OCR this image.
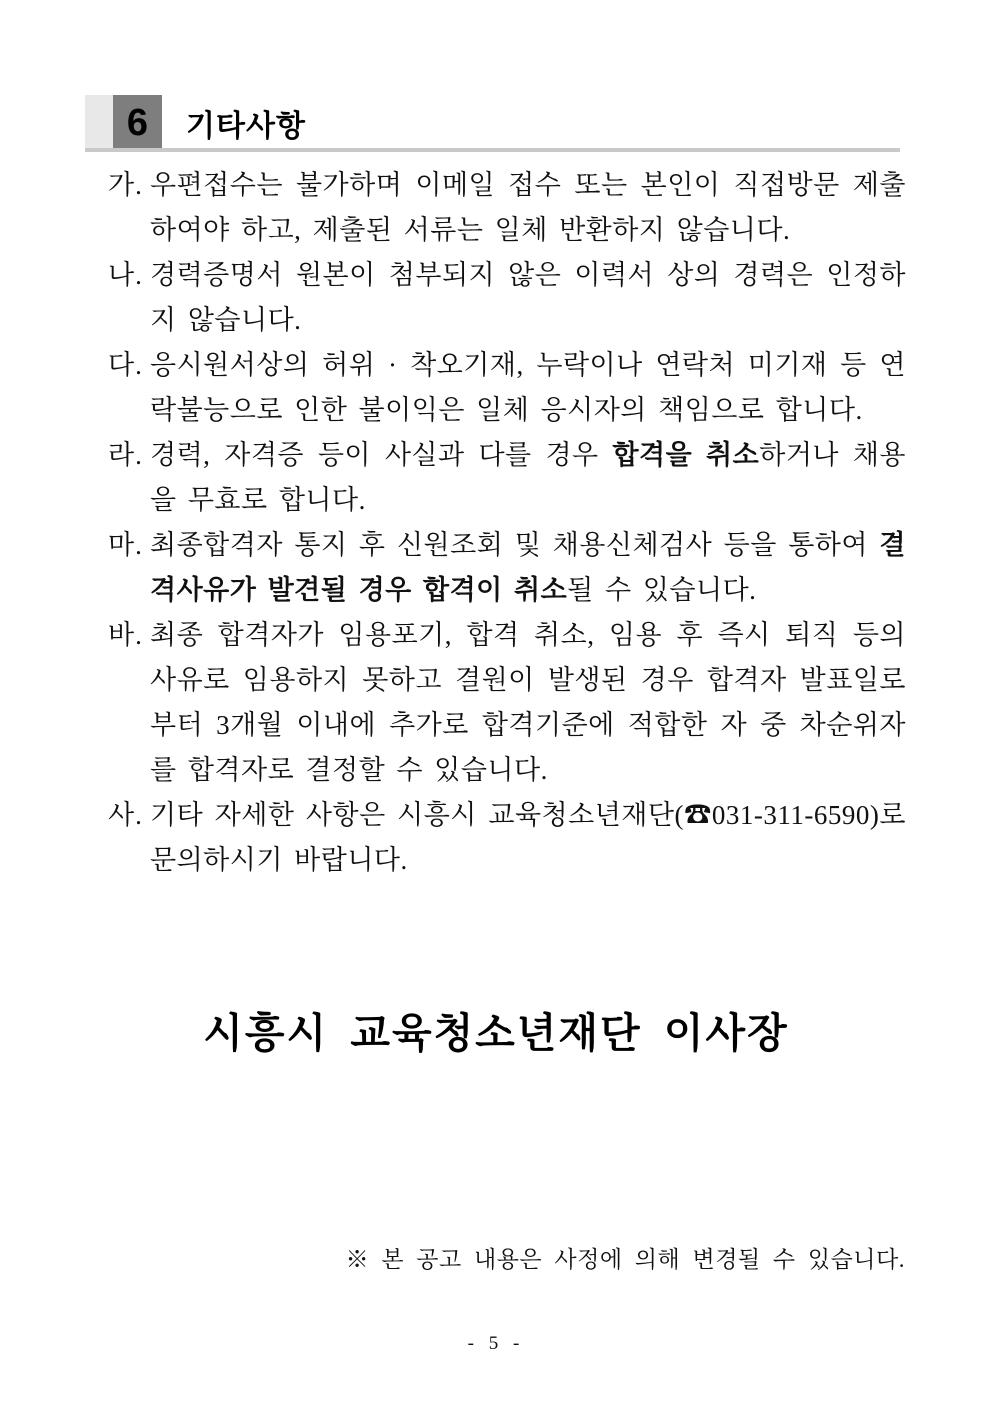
6 기타사항
가. 우편접수는 불가하며 이메일 접수 또는 본인이 직접방문 제출하여야 하고, 제출된 서류는 일체 반환하지 않습니다.
나. 경력증명서 원본이 첨부되지 않은 이력서 상의 경력은 인정하지 않습니다.
다. 응시원서상의 허위 · 착오기재, 누락이나 연락처 미기재 등 연락불능으로 인한 불이익은 일체 응시자의 책임으로 합니다.
라. 경력, 자격증 등이 사실과 다를 경우 합격을 취소하거나 채용을 무효로 합니다.
마. 최종합격자 통지 후 신원조회 및 채용신체검사 등을 통하여 결격사유가 발견될 경우 합격이 취소될 수 있습니다.
바. 최종 합격자가 임용포기, 합격 취소, 임용 후 즉시 퇴직 등의 사유로 임용하지 못하고 결원이 발생된 경우 합격자 발표일로부터 3개월 이내에 추가로 합격기준에 적합한 자 중 차순위자를 합격자로 결정할 수 있습니다.
사. 기타 자세한 사항은 시흥시 교육청소년재단(☎031-311-6590)로 문의하시기 바랍니다.
시흥시 교육청소년재단 이사장
※ 본 공고 내용은 사정에 의해 변경될 수 있습니다.
- 5 -
